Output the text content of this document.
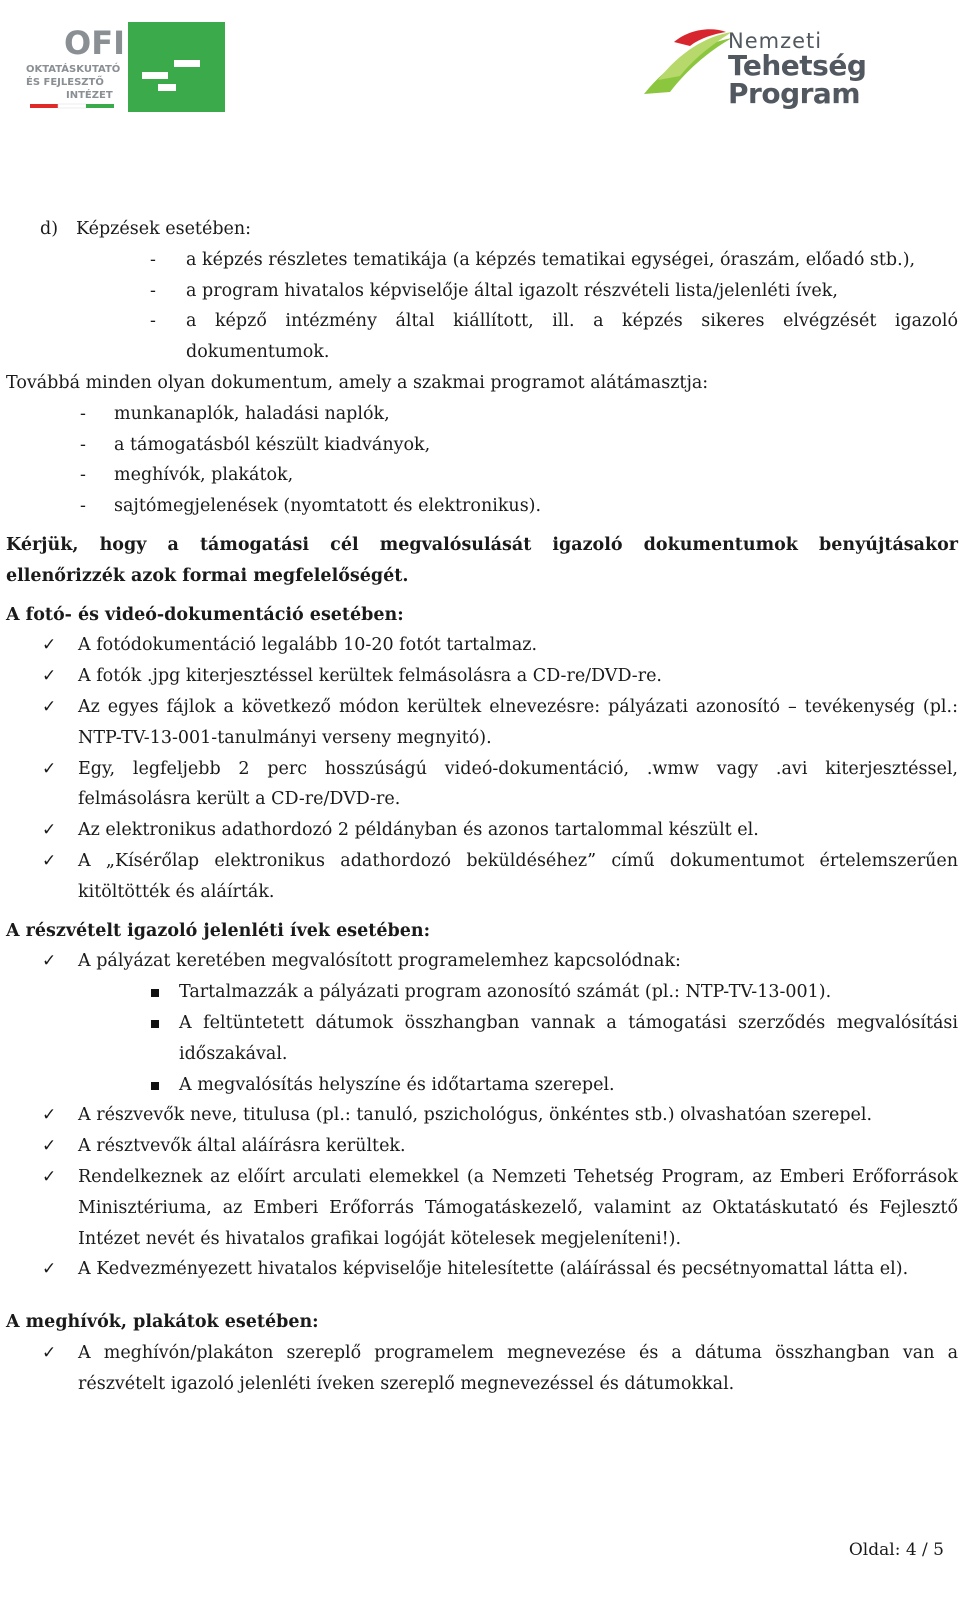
OFI
OKTATÁSKUTATÓ
ÉS FEJLESZTŐ
INTÉZET
Nemzeti
Tehetség Program
d) Képzések esetében:
- a képzés részletes tematikája (a képzés tematikai egységei, óraszám, előadó stb.),
- a program hivatalos képviselője által igazolt részvételi lista/jelenléti ívek,
- a képző intézmény által kiállított, ill. a képzés sikeres elvégzését igazoló dokumentumok.
Továbbá minden olyan dokumentum, amely a szakmai programot alátámasztja:
- munkanaplók, haladási naplók,
- a támogatásból készült kiadványok,
- meghívók, plakátok,
- sajtómegjelenések (nyomtatott és elektronikus).
Kérjük, hogy a támogatási cél megvalósulását igazoló dokumentumok benyújtásakor ellenőrizzék azok formai megfelelőségét.
A fotó- és videó-dokumentáció esetében:
✓ A fotódokumentáció legalább 10-20 fotót tartalmaz.
✓ A fotók .jpg kiterjesztéssel kerültek felmásolásra a CD-re/DVD-re.
✓ Az egyes fájlok a következő módon kerültek elnevezésre: pályázati azonosító – tevékenység (pl.: NTP-TV-13-001-tanulmányi verseny megnyitó).
✓ Egy, legfeljebb 2 perc hosszúságú videó-dokumentáció, .wmw vagy .avi kiterjesztéssel, felmásolásra került a CD-re/DVD-re.
✓ Az elektronikus adathordozó 2 példányban és azonos tartalommal készült el.
✓ A „Kísérőlap elektronikus adathordozó beküldéséhez” című dokumentumot értelemszerűen kitöltötték és aláírták.
A részvételt igazoló jelenléti ívek esetében:
✓ A pályázat keretében megvalósított programelemhez kapcsolódnak:
Tartalmazzák a pályázati program azonosító számát (pl.: NTP-TV-13-001).
A feltüntetett dátumok összhangban vannak a támogatási szerződés megvalósítási időszakával.
A megvalósítás helyszíne és időtartama szerepel.
✓ A részvevők neve, titulusa (pl.: tanuló, pszichológus, önkéntes stb.) olvashatóan szerepel.
✓ A résztvevők által aláírásra kerültek.
✓ Rendelkeznek az előírt arculati elemekkel (a Nemzeti Tehetség Program, az Emberi Erőforrások Minisztériuma, az Emberi Erőforrás Támogatáskezelő, valamint az Oktatáskutató és Fejlesztő Intézet nevét és hivatalos grafikai logóját kötelesek megjeleníteni!).
✓ A Kedvezményezett hivatalos képviselője hitelesítette (aláírással és pecsétnyomattal látta el).
A meghívók, plakátok esetében:
✓ A meghívón/plakáton szereplő programelem megnevezése és a dátuma összhangban van a részvételt igazoló jelenléti íveken szereplő megnevezéssel és dátumokkal.
Oldal: 4 / 5
